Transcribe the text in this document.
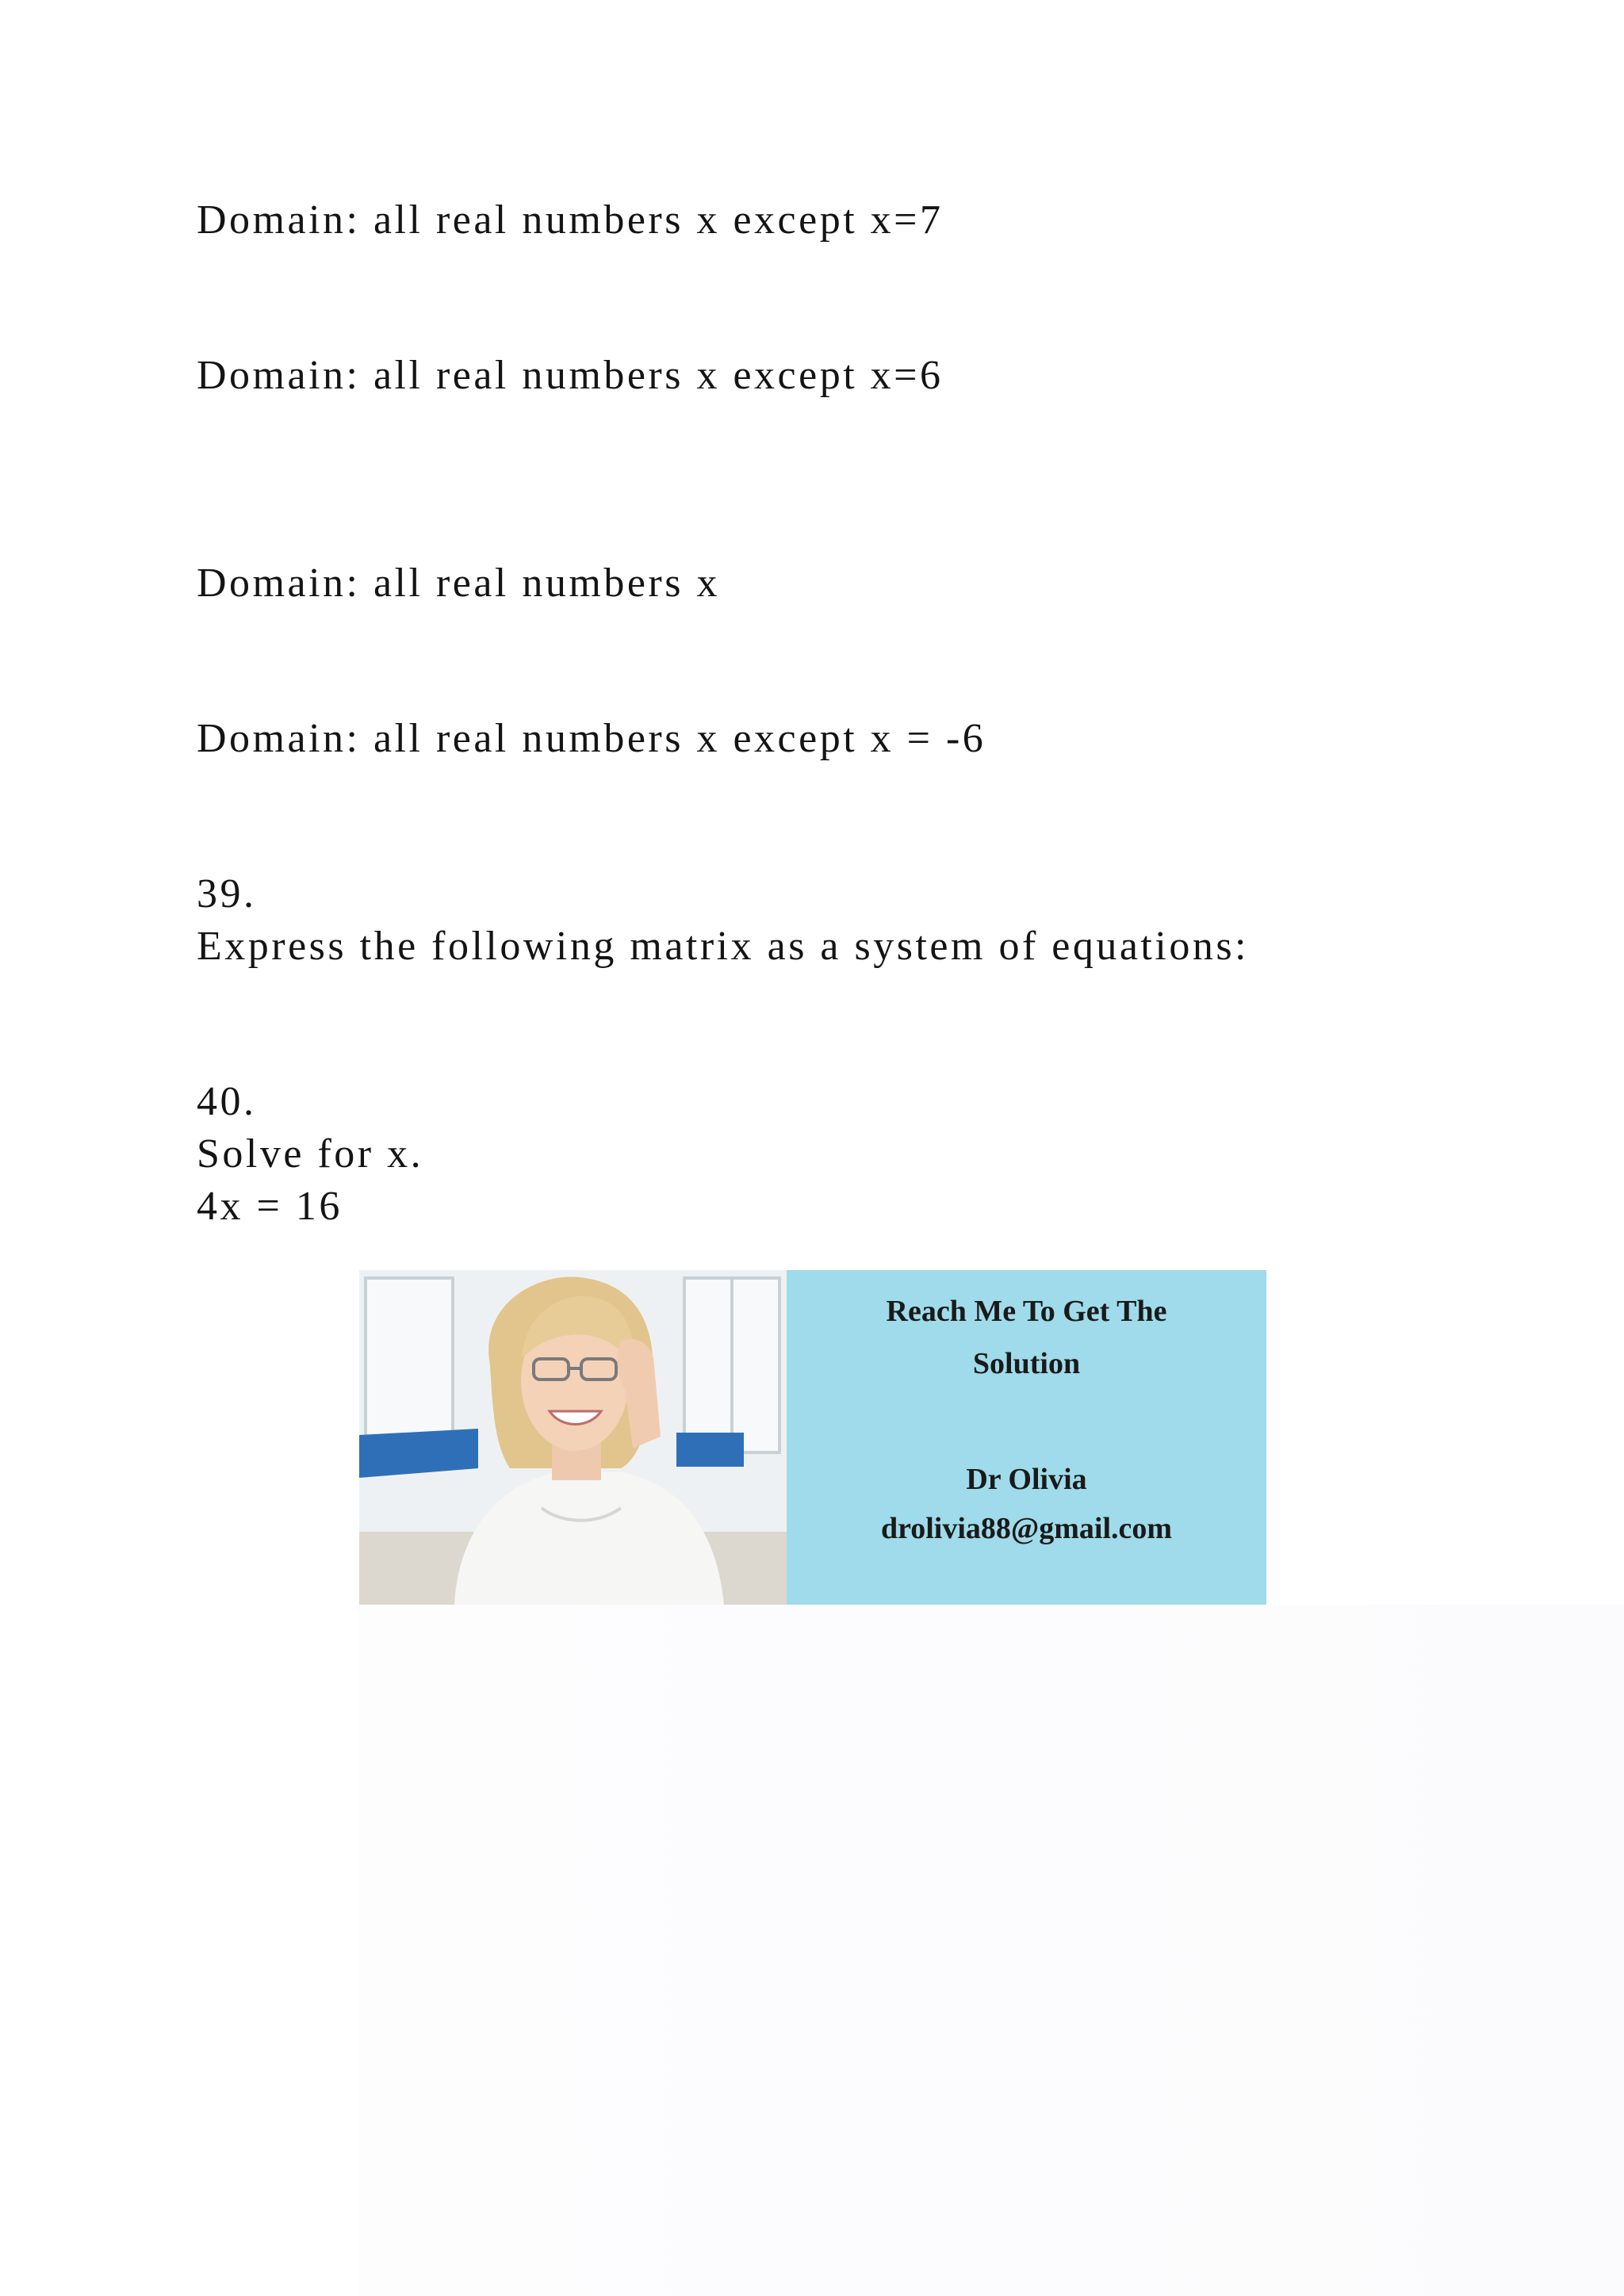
Domain: all real numbers x except x=7

Domain: all real numbers x except x=6

Domain: all real numbers x

Domain: all real numbers x except x = -6

39.

Express the following matrix as a system of equations:

40.

Solve for x.

4x = 16

Reach Me To Get The
Solution
Dr Olivia
drolivia88@gmail.com
